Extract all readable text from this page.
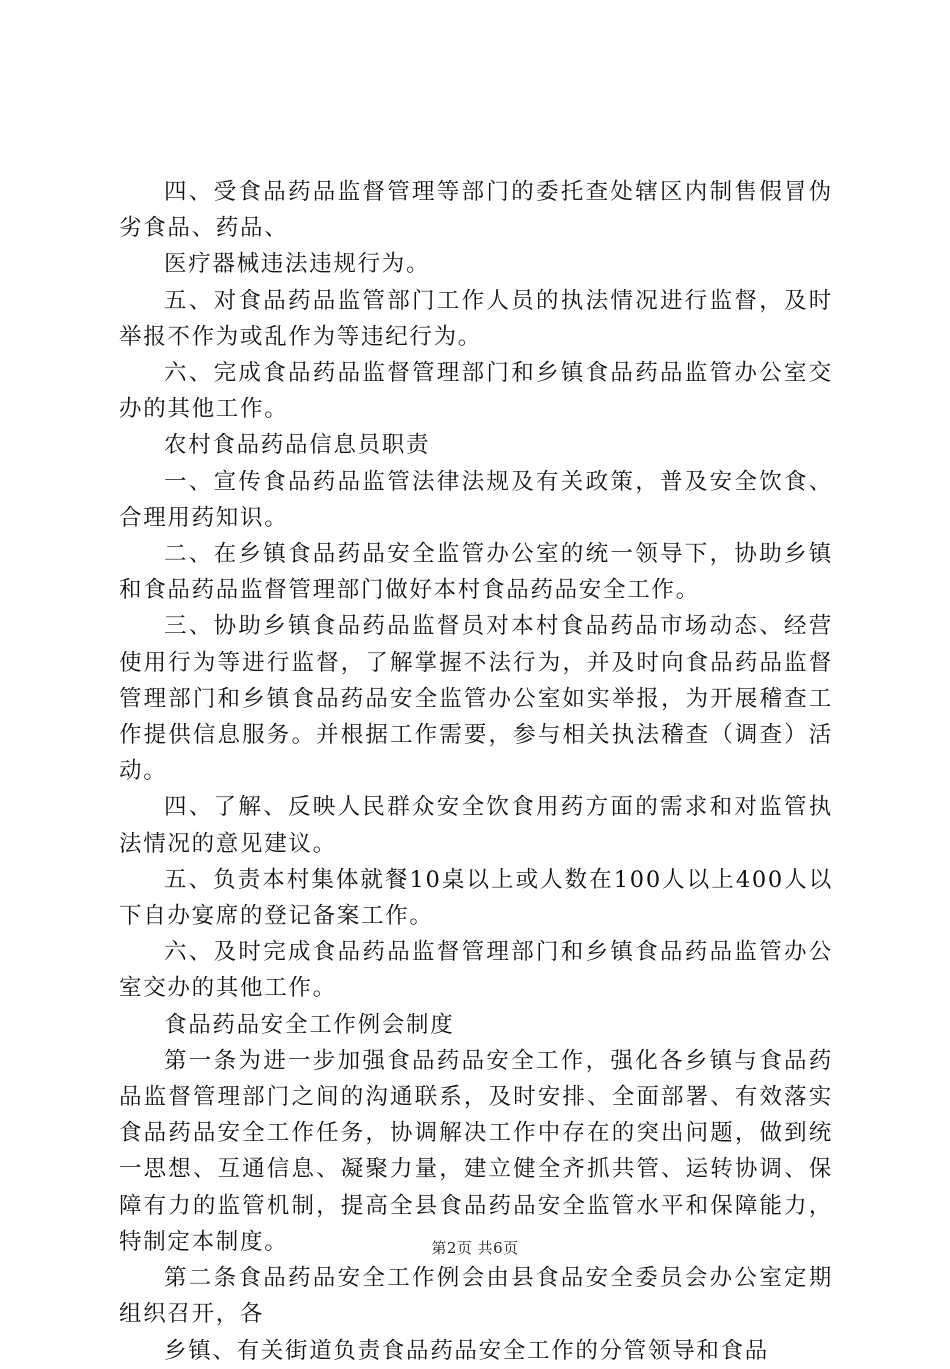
四、受食品药品监督管理等部门的委托查处辖区内制售假冒伪劣食品、药品、

医疗器械违法违规行为。

五、对食品药品监管部门工作人员的执法情况进行监督，及时举报不作为或乱作为等违纪行为。

六、完成食品药品监督管理部门和乡镇食品药品监管办公室交办的其他工作。

农村食品药品信息员职责

一、宣传食品药品监管法律法规及有关政策，普及安全饮食、合理用药知识。

二、在乡镇食品药品安全监管办公室的统一领导下，协助乡镇和食品药品监督管理部门做好本村食品药品安全工作。

三、协助乡镇食品药品监督员对本村食品药品市场动态、经营使用行为等进行监督，了解掌握不法行为，并及时向食品药品监督管理部门和乡镇食品药品安全监管办公室如实举报，为开展稽查工作提供信息服务。并根据工作需要，参与相关执法稽查（调查）活动。

四、了解、反映人民群众安全饮食用药方面的需求和对监管执法情况的意见建议。

五、负责本村集体就餐10桌以上或人数在100人以上400人以下自办宴席的登记备案工作。

六、及时完成食品药品监督管理部门和乡镇食品药品监管办公室交办的其他工作。

食品药品安全工作例会制度

第一条为进一步加强食品药品安全工作，强化各乡镇与食品药品监督管理部门之间的沟通联系，及时安排、全面部署、有效落实食品药品安全工作任务，协调解决工作中存在的突出问题，做到统一思想、互通信息、凝聚力量，建立健全齐抓共管、运转协调、保障有力的监管机制，提高全县食品药品安全监管水平和保障能力，特制定本制度。

第二条食品药品安全工作例会由县食品安全委员会办公室定期组织召开，各

乡镇、有关街道负责食品药品安全工作的分管领导和食品

第2页 共6页
